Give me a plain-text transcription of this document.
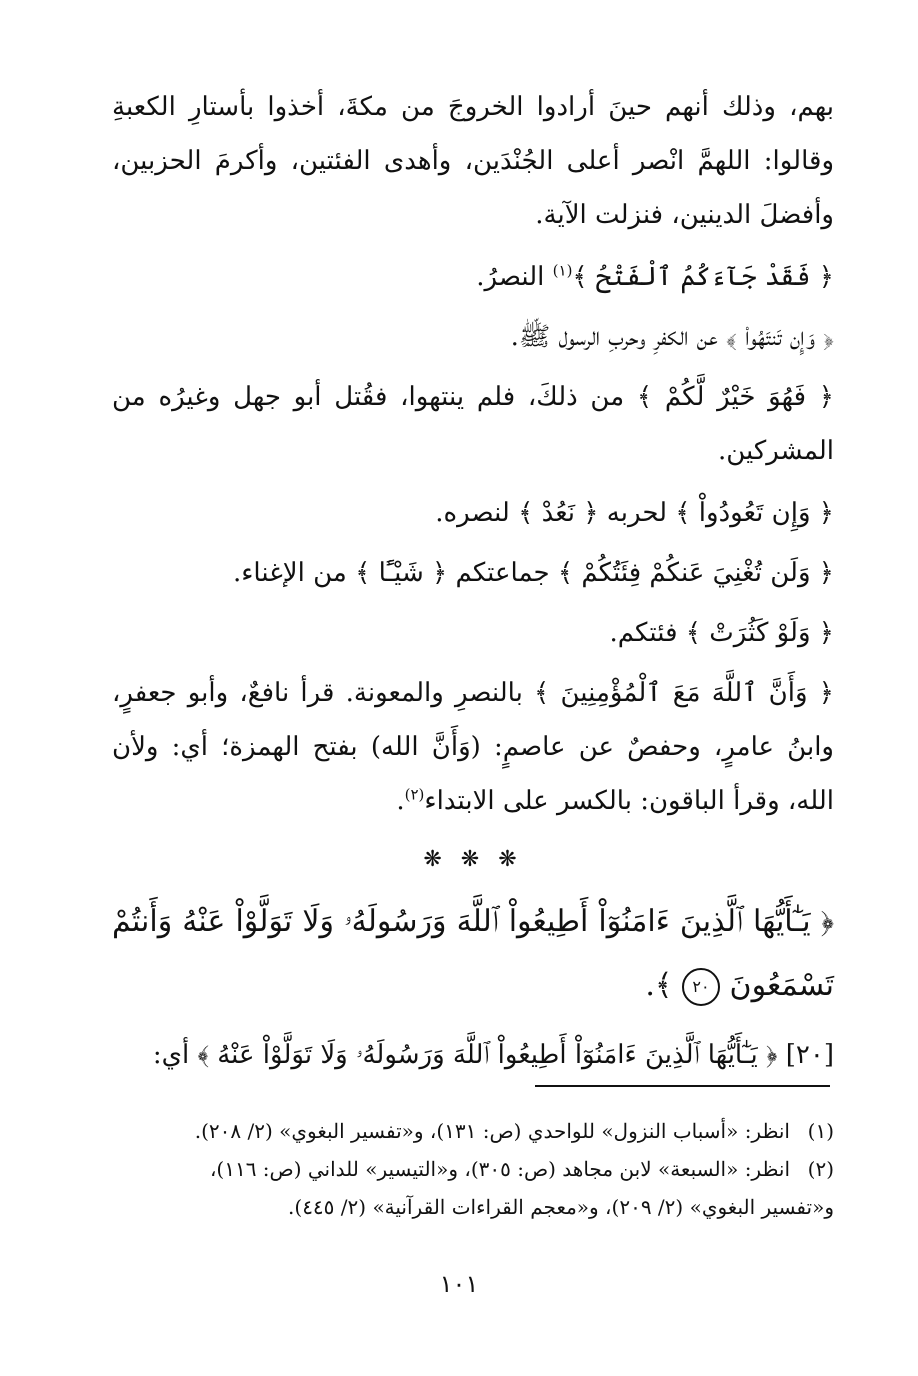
بهم، وذلك أنهم حينَ أرادوا الخروجَ من مكةَ، أخذوا بأستارِ الكعبةِ وقالوا: اللهمَّ انْصر أعلى الجُنْدَين، وأهدى الفئتين، وأكرمَ الحزبين، وأفضلَ الدينين، فنزلت الآية.

﴿ فَقَدْ جَآءَكُمُ ٱلْفَتْحُ ﴾$^{(١)}$ النصرُ.

﴿ وَإِن تَنتَهُواْ ﴾ عن الكفرِ وحربِ الرسول ﷺ.

﴿ فَهُوَ خَيْرٌ لَّكُمْ ﴾ من ذلكَ، فلم ينتهوا، فقُتل أبو جهل وغيرُه من المشركين.

﴿ وَإِن تَعُودُواْ ﴾ لحربه ﴿ نَعُدْ ﴾ لنصره.

﴿ وَلَن تُغْنِيَ عَنكُمْ فِئَتُكُمْ ﴾ جماعتكم ﴿ شَيْـًٔا ﴾ من الإغناء.

﴿ وَلَوْ كَثُرَتْ ﴾ فئتكم.

﴿ وَأَنَّ ٱللَّهَ مَعَ ٱلْمُؤْمِنِينَ ﴾ بالنصرِ والمعونة. قرأ نافعٌ، وأبو جعفرٍ، وابنُ عامرٍ، وحفصٌ عن عاصمٍ: (وَأَنَّ الله) بفتح الهمزة؛ أي: ولأن الله، وقرأ الباقون: بالكسر على الابتداء$^{(٢)}$.

❋ ❋ ❋

﴿ يَـٰٓأَيُّهَا ٱلَّذِينَ ءَامَنُوٓاْ أَطِيعُواْ ٱللَّهَ وَرَسُولَهُۥ وَلَا تَوَلَّوْاْ عَنْهُ وَأَنتُمْ تَسْمَعُونَ ٢٠ ﴾.

[٢٠] ﴿ يَـٰٓأَيُّهَا ٱلَّذِينَ ءَامَنُوٓاْ أَطِيعُواْ ٱللَّهَ وَرَسُولَهُۥ وَلَا تَوَلَّوْاْ عَنْهُ ﴾ أي:

(١)انظر: «أسباب النزول» للواحدي (ص: ١٣١)، و«تفسير البغوي» (٢/ ٢٠٨).

(٢)انظر: «السبعة» لابن مجاهد (ص: ٣٠٥)، و«التيسير» للداني (ص: ١١٦)،

و«تفسير البغوي» (٢/ ٢٠٩)، و«معجم القراءات القرآنية» (٢/ ٤٤٥).

١٠١
